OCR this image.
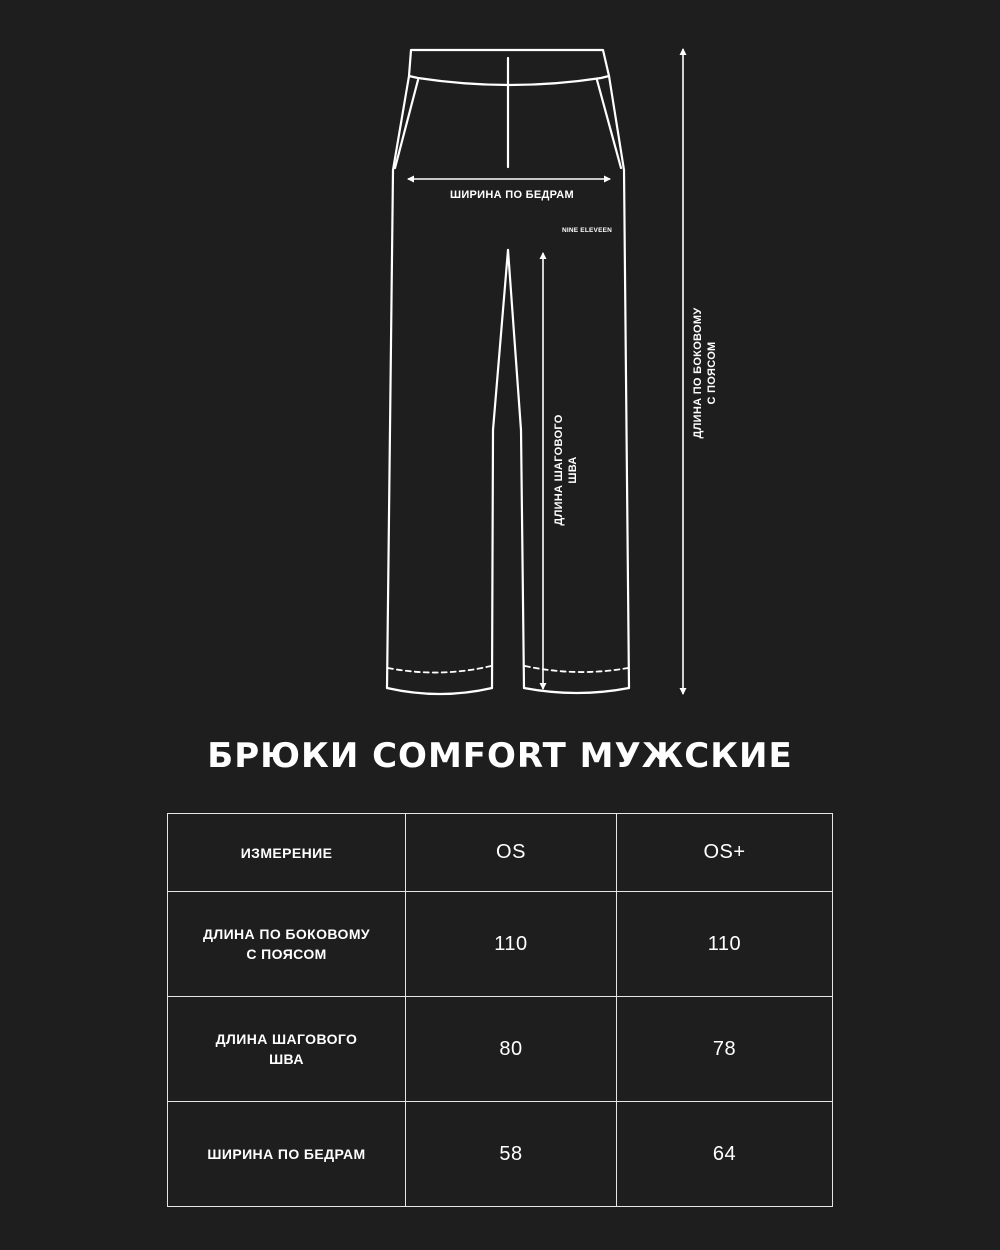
ШИРИНА ПО БЕДРАМ
NINE ELEVEEN
ДЛИНА ШАГОВОГО ШВА
ДЛИНА ПО БОКОВОМУ С ПОЯСОМ
БРЮКИ COMFORT МУЖСКИЕ
ИЗМЕРЕНИЕ	OS	OS+
ДЛИНА ПО БОКОВОМУ
С ПОЯСОМ	110	110
ДЛИНА ШАГОВОГО
ШВА	80	78
ШИРИНА ПО БЕДРАМ	58	64
